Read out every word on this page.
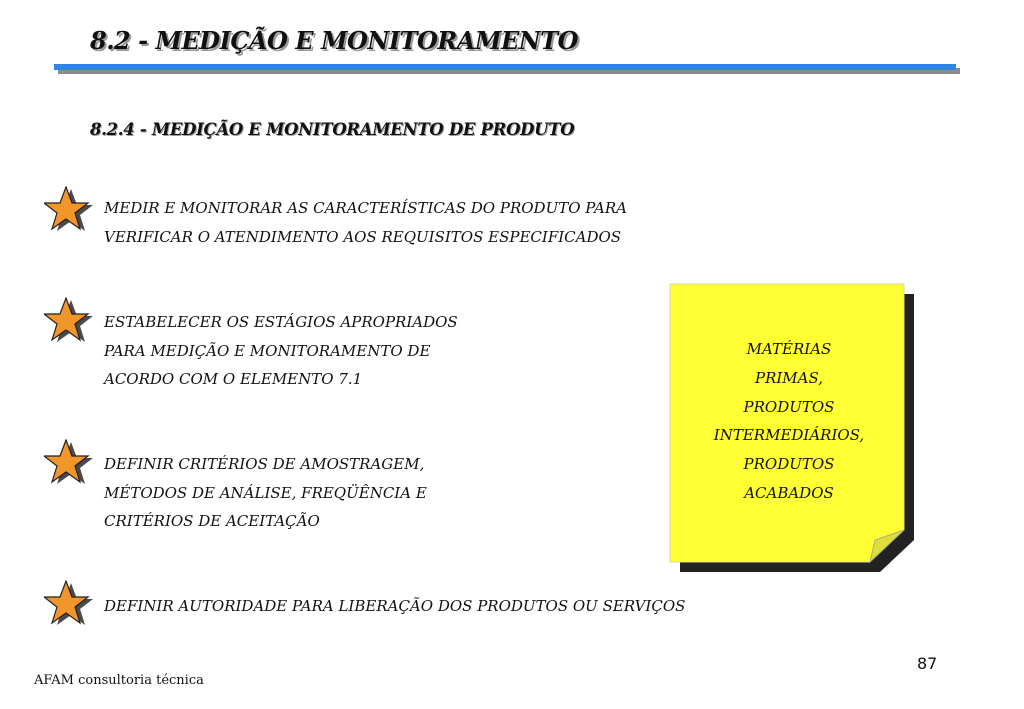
8.2 - MEDIÇÃO E MONITORAMENTO
8.2.4 - MEDIÇÃO E MONITORAMENTO DE PRODUTO
MEDIR E MONITORAR AS CARACTERÍSTICAS DO PRODUTO PARA
VERIFICAR O ATENDIMENTO AOS REQUISITOS ESPECIFICADOS
ESTABELECER OS ESTÁGIOS APROPRIADOS
PARA MEDIÇÃO E MONITORAMENTO DE
ACORDO COM O ELEMENTO 7.1
DEFINIR CRITÉRIOS DE AMOSTRAGEM,
MÉTODOS DE ANÁLISE, FREQÜÊNCIA E
CRITÉRIOS DE ACEITAÇÃO
DEFINIR AUTORIDADE PARA LIBERAÇÃO DOS PRODUTOS OU SERVIÇOS
MATÉRIAS
PRIMAS,
PRODUTOS
INTERMEDIÁRIOS,
PRODUTOS
ACABADOS
87
AFAM consultoria técnica
